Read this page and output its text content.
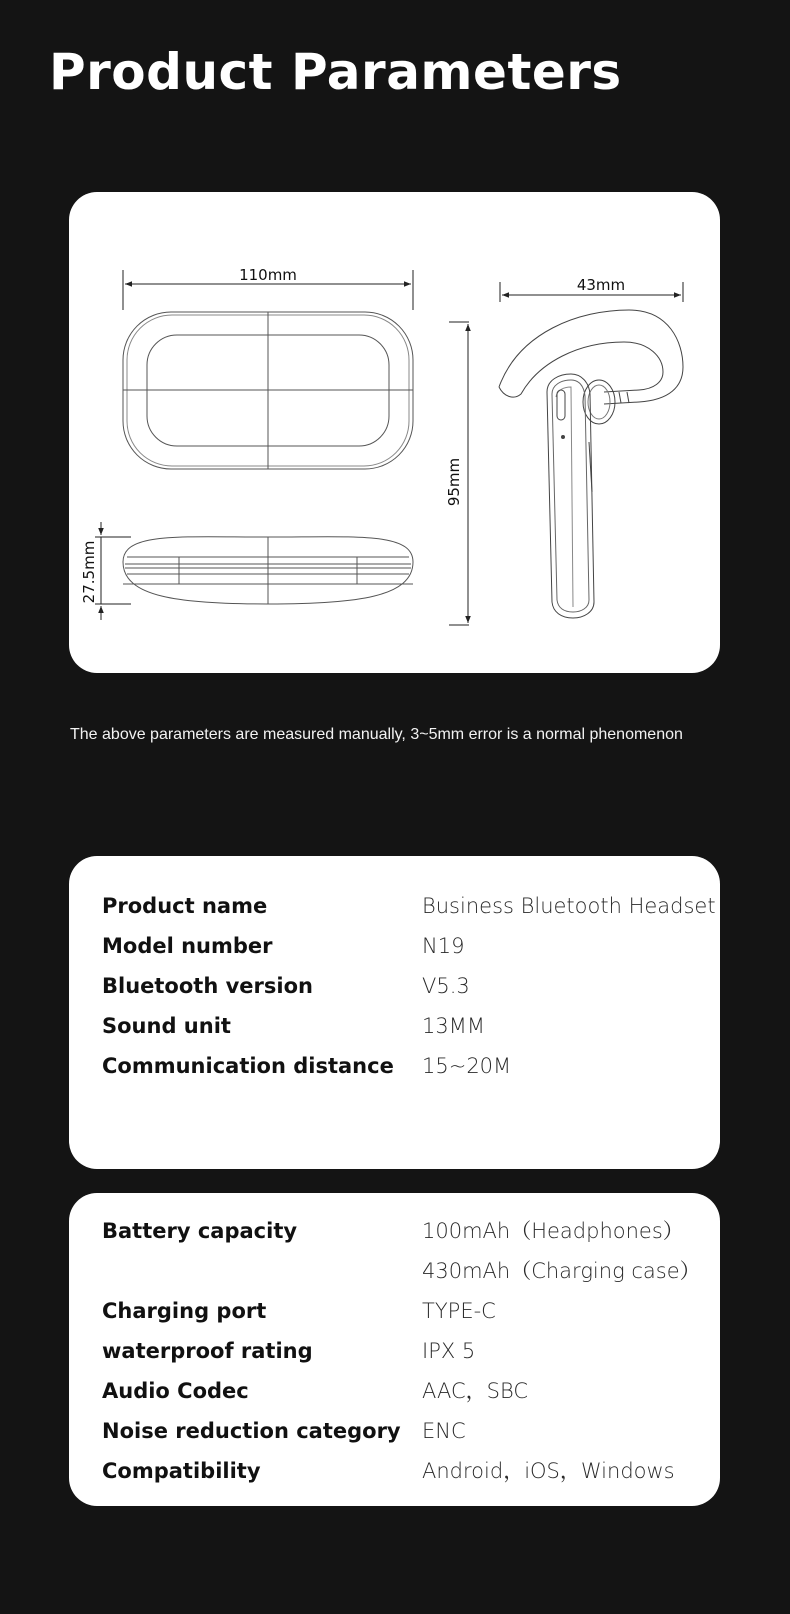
Product Parameters
110mm
27.5mm
43mm
95mm
The above parameters are measured manually, 3~5mm error is a normal phenomenon
Product name	Business Bluetooth Headset
Model number	N19
Bluetooth version	V5.3
Sound unit	13MM
Communication distance 15~20M
Battery capacity	100mAh（Headphones）
430mAh（Charging case）
Charging port	TYPE-C
waterproof rating	IPX 5
Audio Codec	AAC，SBC
Noise reduction category ENC
Compatibility	Android，iOS，Windows
